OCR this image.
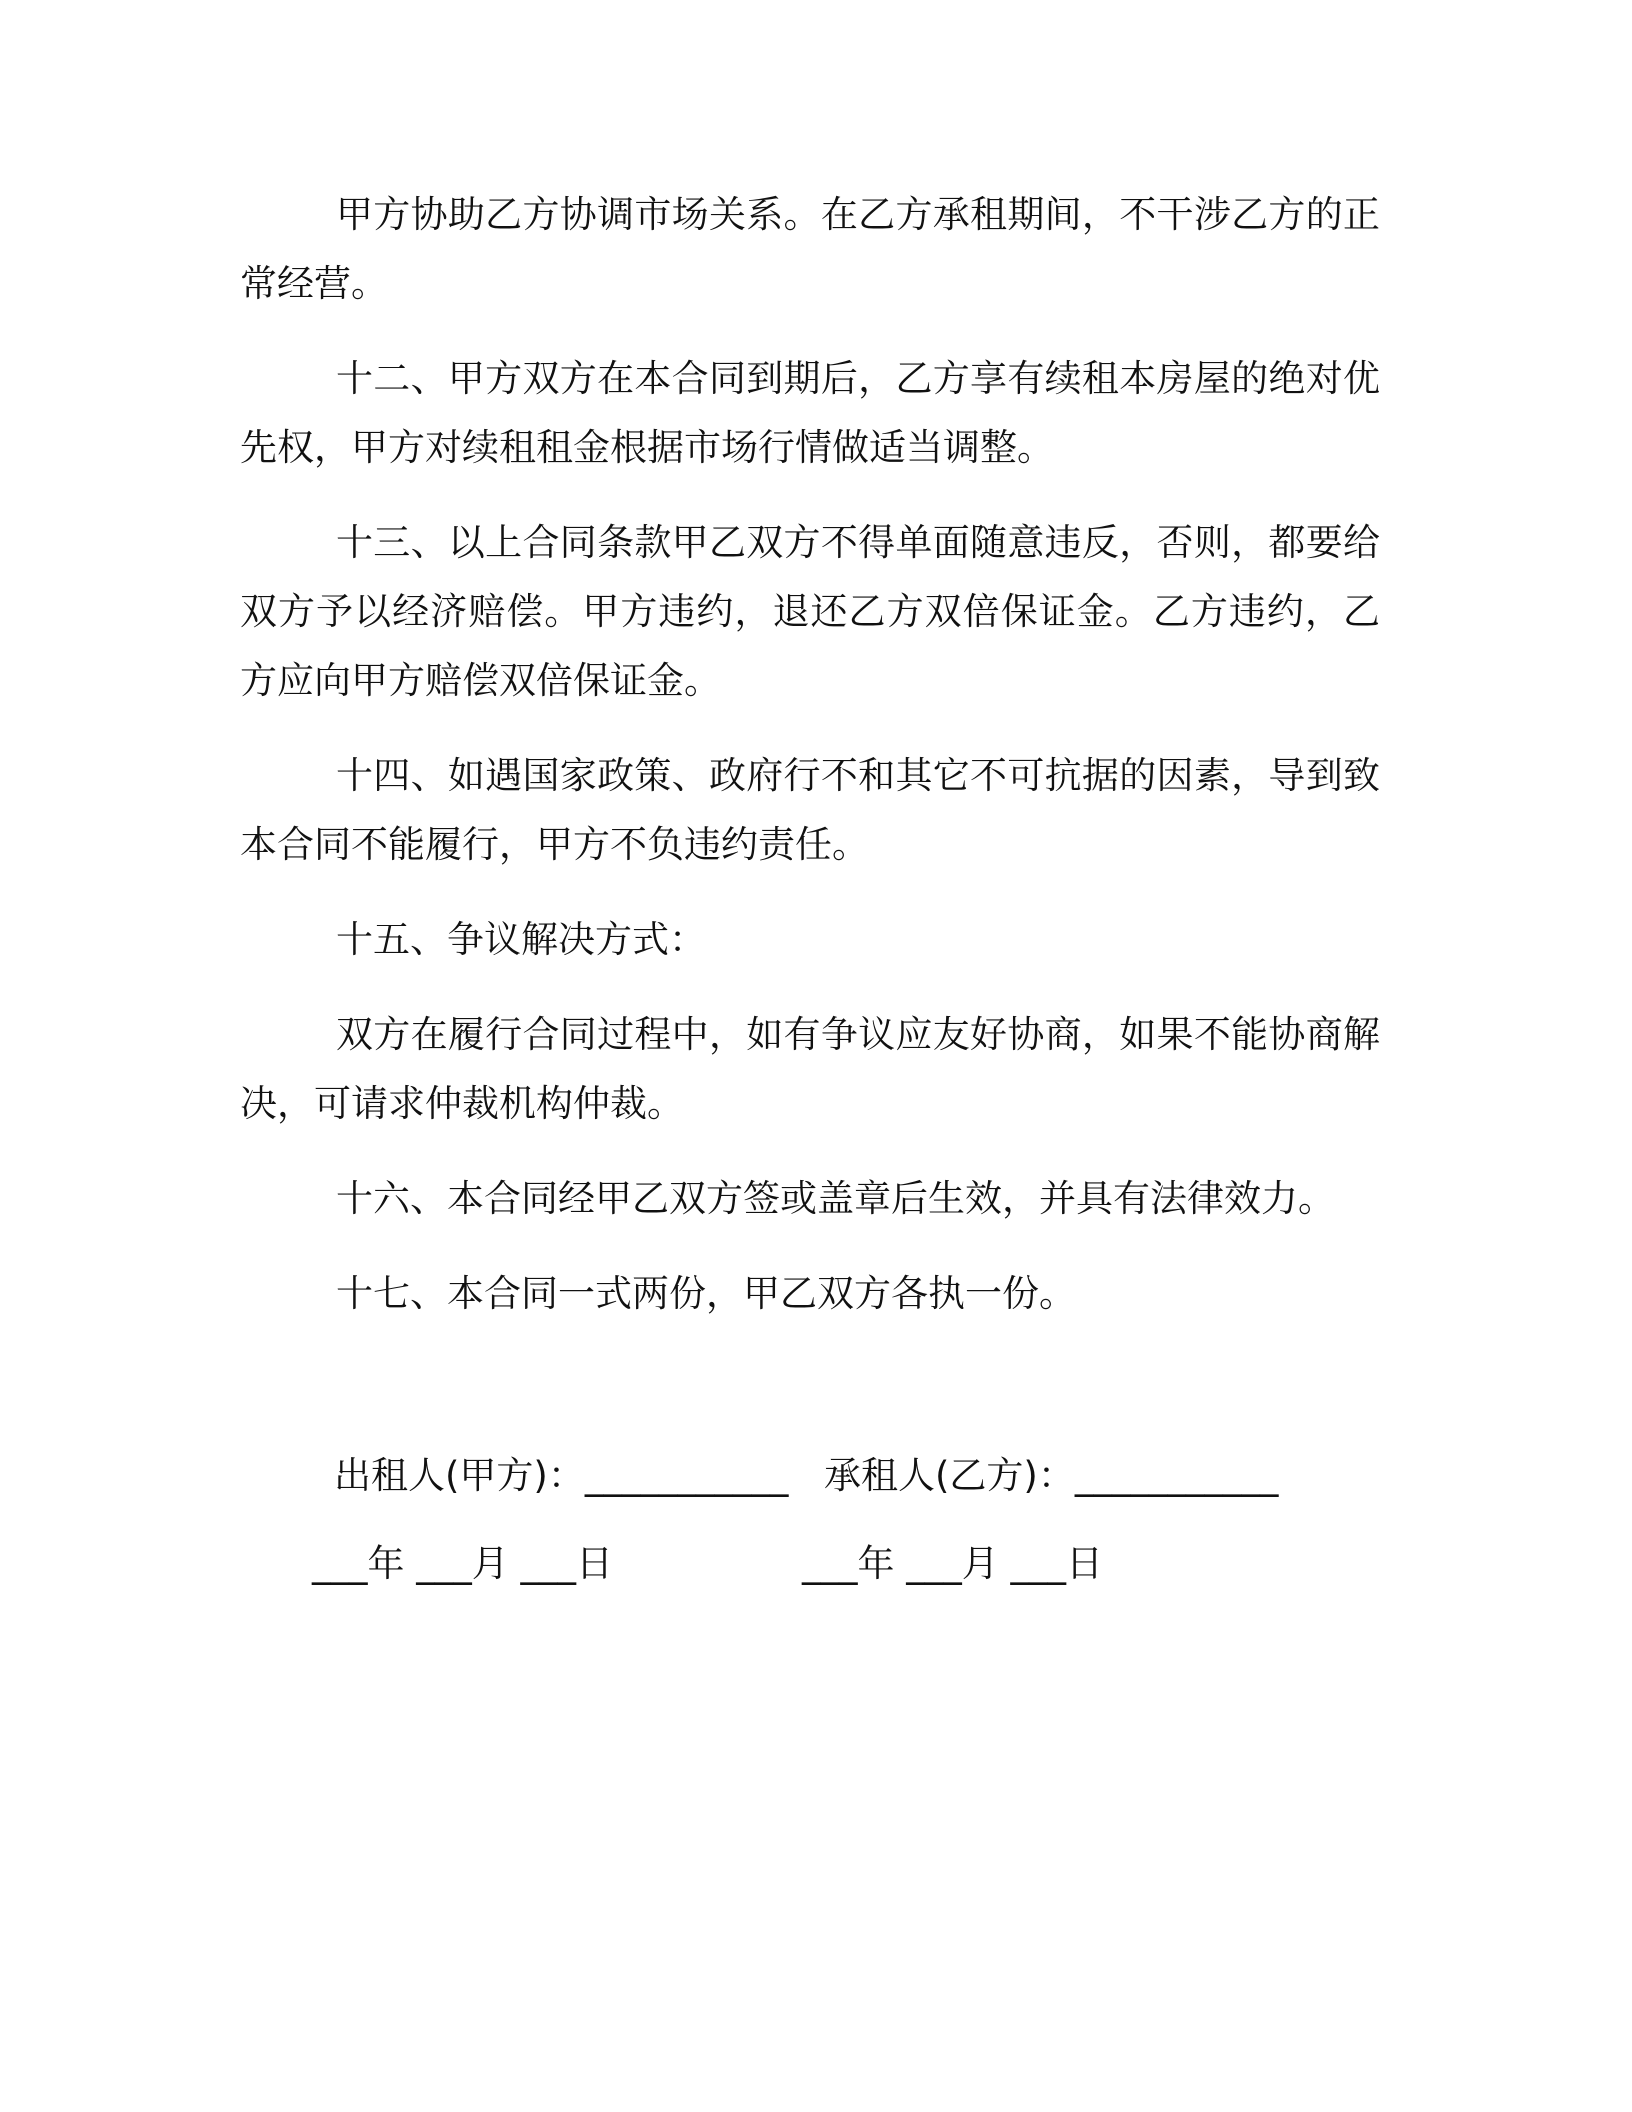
甲方协助乙方协调市场关系。在乙方承租期间，不干涉乙方的正常经营。

十二、甲方双方在本合同到期后，乙方享有续租本房屋的绝对优先权，甲方对续租租金根据市场行情做适当调整。

十三、以上合同条款甲乙双方不得单面随意违反，否则，都要给双方予以经济赔偿。甲方违约，退还乙方双倍保证金。乙方违约，乙方应向甲方赔偿双倍保证金。

十四、如遇国家政策、政府行不和其它不可抗据的因素，导到致本合同不能履行，甲方不负违约责任。

十五、争议解决方式：

双方在履行合同过程中，如有争议应友好协商，如果不能协商解决，可请求仲裁机构仲裁。

十六、本合同经甲乙双方签或盖章后生效，并具有法律效力。

十七、本合同一式两份，甲乙双方各执一份。

出租人(甲方)：___________ 承租人(乙方)：___________
___年 ___月 ___日	___年 ___月 ___日
